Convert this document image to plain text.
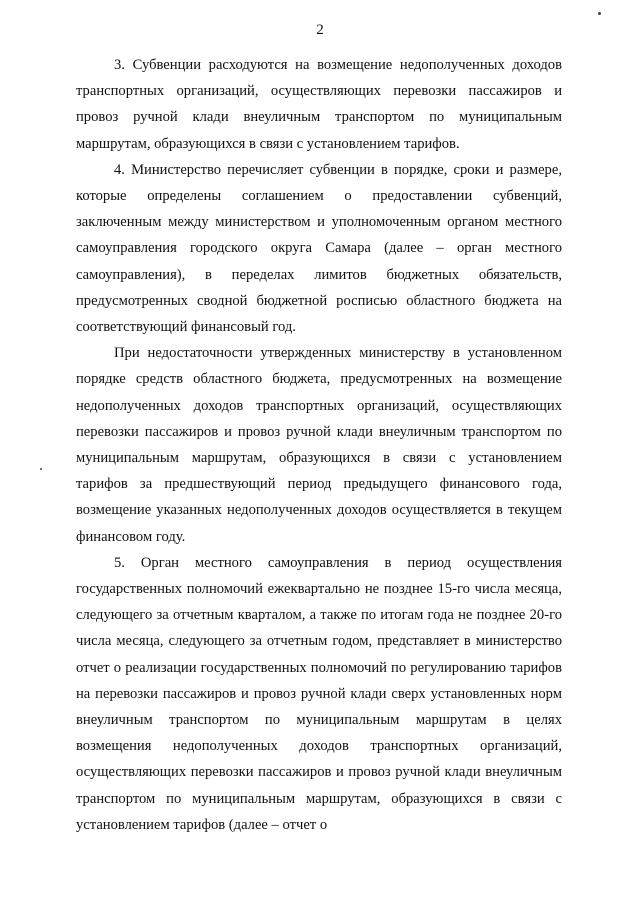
2

3. Субвенции расходуются на возмещение недополученных доходов транспортных организаций, осуществляющих перевозки пассажиров и провоз ручной клади внеуличным транспортом по муниципальным маршрутам, образующихся в связи с установлением тарифов.

4. Министерство перечисляет субвенции в порядке, сроки и размере, которые определены соглашением о предоставлении субвенций, заключенным между министерством и уполномоченным органом местного самоуправления городского округа Самара (далее – орган местного самоуправления), в переделах лимитов бюджетных обязательств, предусмотренных сводной бюджетной росписью областного бюджета на соответствующий финансовый год.

При недостаточности утвержденных министерству в установленном порядке средств областного бюджета, предусмотренных на возмещение недополученных доходов транспортных организаций, осуществляющих перевозки пассажиров и провоз ручной клади внеуличным транспортом по муниципальным маршрутам, образующихся в связи с установлением тарифов за предшествующий период предыдущего финансового года, возмещение указанных недополученных доходов осуществляется в текущем финансовом году.

5. Орган местного самоуправления в период осуществления государственных полномочий ежеквартально не позднее 15-го числа месяца, следующего за отчетным кварталом, а также по итогам года не позднее 20-го числа месяца, следующего за отчетным годом, представляет в министерство отчет о реализации государственных полномочий по регулированию тарифов на перевозки пассажиров и провоз ручной клади сверх установленных норм внеуличным транспортом по муниципальным маршрутам в целях возмещения недополученных доходов транспортных организаций, осуществляющих перевозки пассажиров и провоз ручной клади внеуличным транспортом по муниципальным маршрутам, образующихся в связи с установлением тарифов (далее – отчет о
